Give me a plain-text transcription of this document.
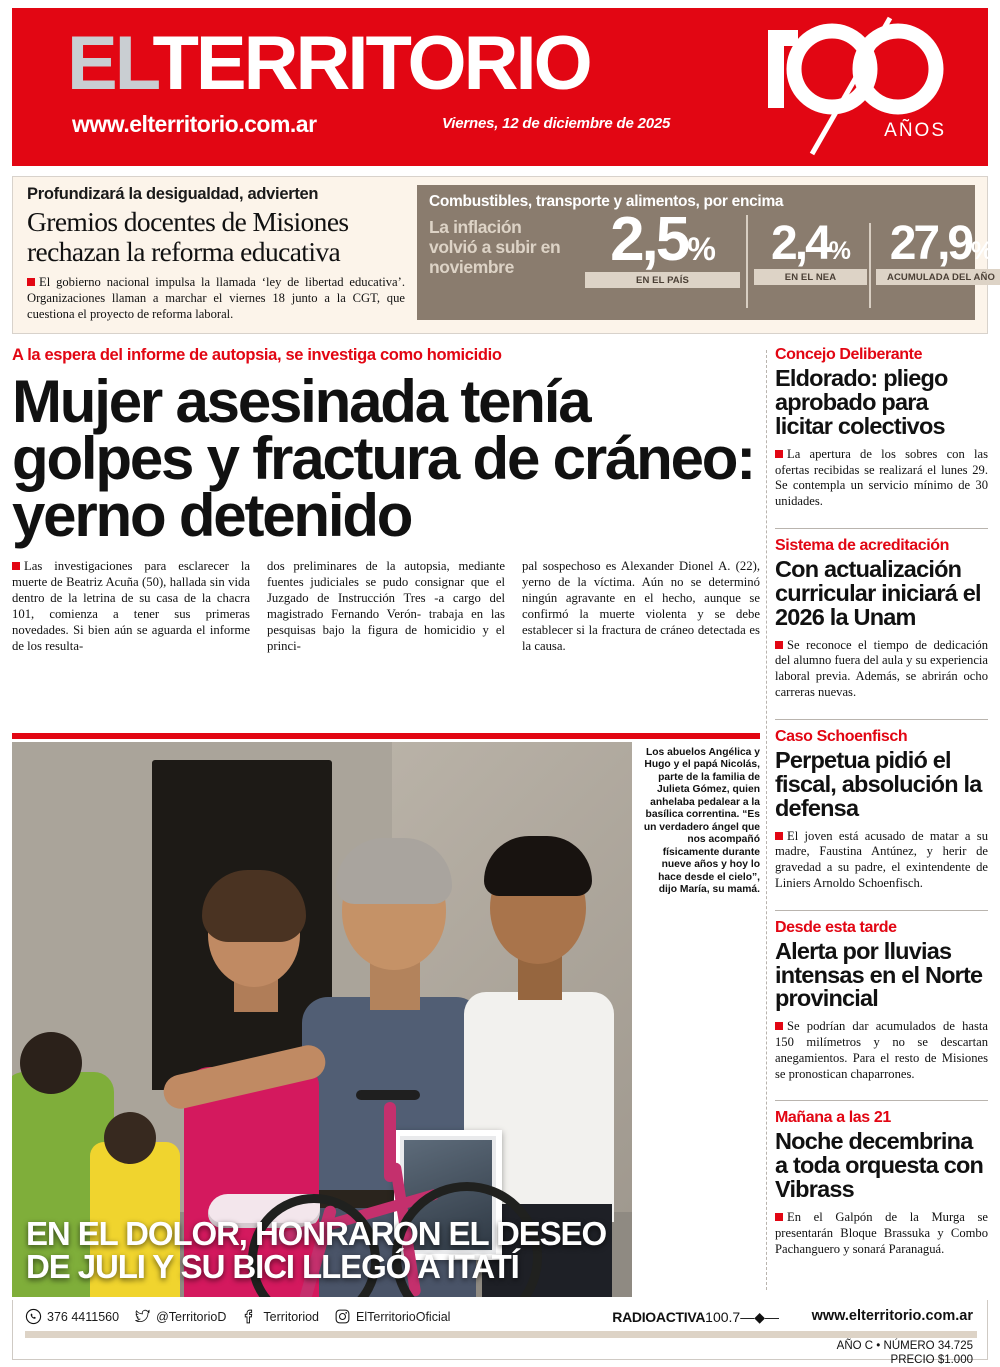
ELTERRITORIO
www.elterritorio.com.ar	Viernes, 12 de diciembre de 2025	AÑOS
Profundizará la desigualdad, advierten
Gremios docentes de Misiones rechazan la reforma educativa
El gobierno nacional impulsa la llamada ‘ley de libertad educativa’. Organizaciones llaman a marchar el viernes 18 junto a la CGT, que cuestiona el proyecto de reforma laboral.
Combustibles, transporte y alimentos, por encima
La inflación volvió a subir en noviembre	2,5%
EN EL PAÍS
2,4%
EN EL NEA
27,9%
ACUMULADA DEL AÑO
A la espera del informe de autopsia, se investiga como homicidio
Mujer asesinada tenía golpes y fractura de cráneo: yerno detenido
Las investigaciones para esclarecer la muerte de Beatriz Acuña (50), hallada sin vida dentro de la letrina de su casa de la chacra 101, comienza a tener sus primeras novedades. Si bien aún se aguarda el informe de los resulta-
dos preliminares de la autopsia, mediante fuentes judiciales se pudo consignar que el Juzgado de Instrucción Tres -a cargo del magistrado Fernando Verón- trabaja en las pesquisas bajo la figura de homicidio y el princi-
pal sospechoso es Alexander Dionel A. (22), yerno de la víctima. Aún no se determinó ningún agravante en el hecho, aunque se confirmó la muerte violenta y se debe establecer si la fractura de cráneo detectada es la causa.
Los abuelos Angélica y Hugo y el papá Nicolás, parte de la familia de Julieta Gómez, quien anhelaba pedalear a la basílica correntina. “Es un verdadero ángel que nos acompañó físicamente durante nueve años y hoy lo hace desde el cielo”, dijo María, su mamá.
EN EL DOLOR, HONRARON EL DESEO DE JULI Y SU BICI LLEGÓ A ITATÍ
Concejo Deliberante
Eldorado: pliego aprobado para licitar colectivos
La apertura de los sobres con las ofertas recibidas se realizará el lunes 29. Se contempla un servicio mínimo de 30 unidades.
Sistema de acreditación
Con actualización curricular iniciará el 2026 la Unam
Se reconoce el tiempo de dedicación del alumno fuera del aula y su experiencia laboral previa. Además, se abrirán ocho carreras nuevas.
Caso Schoenfisch
Perpetua pidió el fiscal, absolución la defensa
El joven está acusado de matar a su madre, Faustina Antúnez, y herir de gravedad a su padre, el exintendente de Liniers Arnoldo Schoenfisch.
Desde esta tarde
Alerta por lluvias intensas en el Norte provincial
Se podrían dar acumulados de hasta 150 milímetros y no se descartan anegamientos. Para el resto de Misiones se pronostican chaparrones.
Mañana a las 21
Noche decembrina a toda orquesta con Vibrass
En el Galpón de la Murga se presentarán Bloque Brassuka y Combo Pachanguero y sonará Paranaguá.
376 4411560	@TerritorioD	Territoriod	ElTerritorioOficial	RADIOACTIVA100.7—◆— www.elterritorio.com.ar
AÑO C • NÚMERO 34.725
PRECIO $1.000
